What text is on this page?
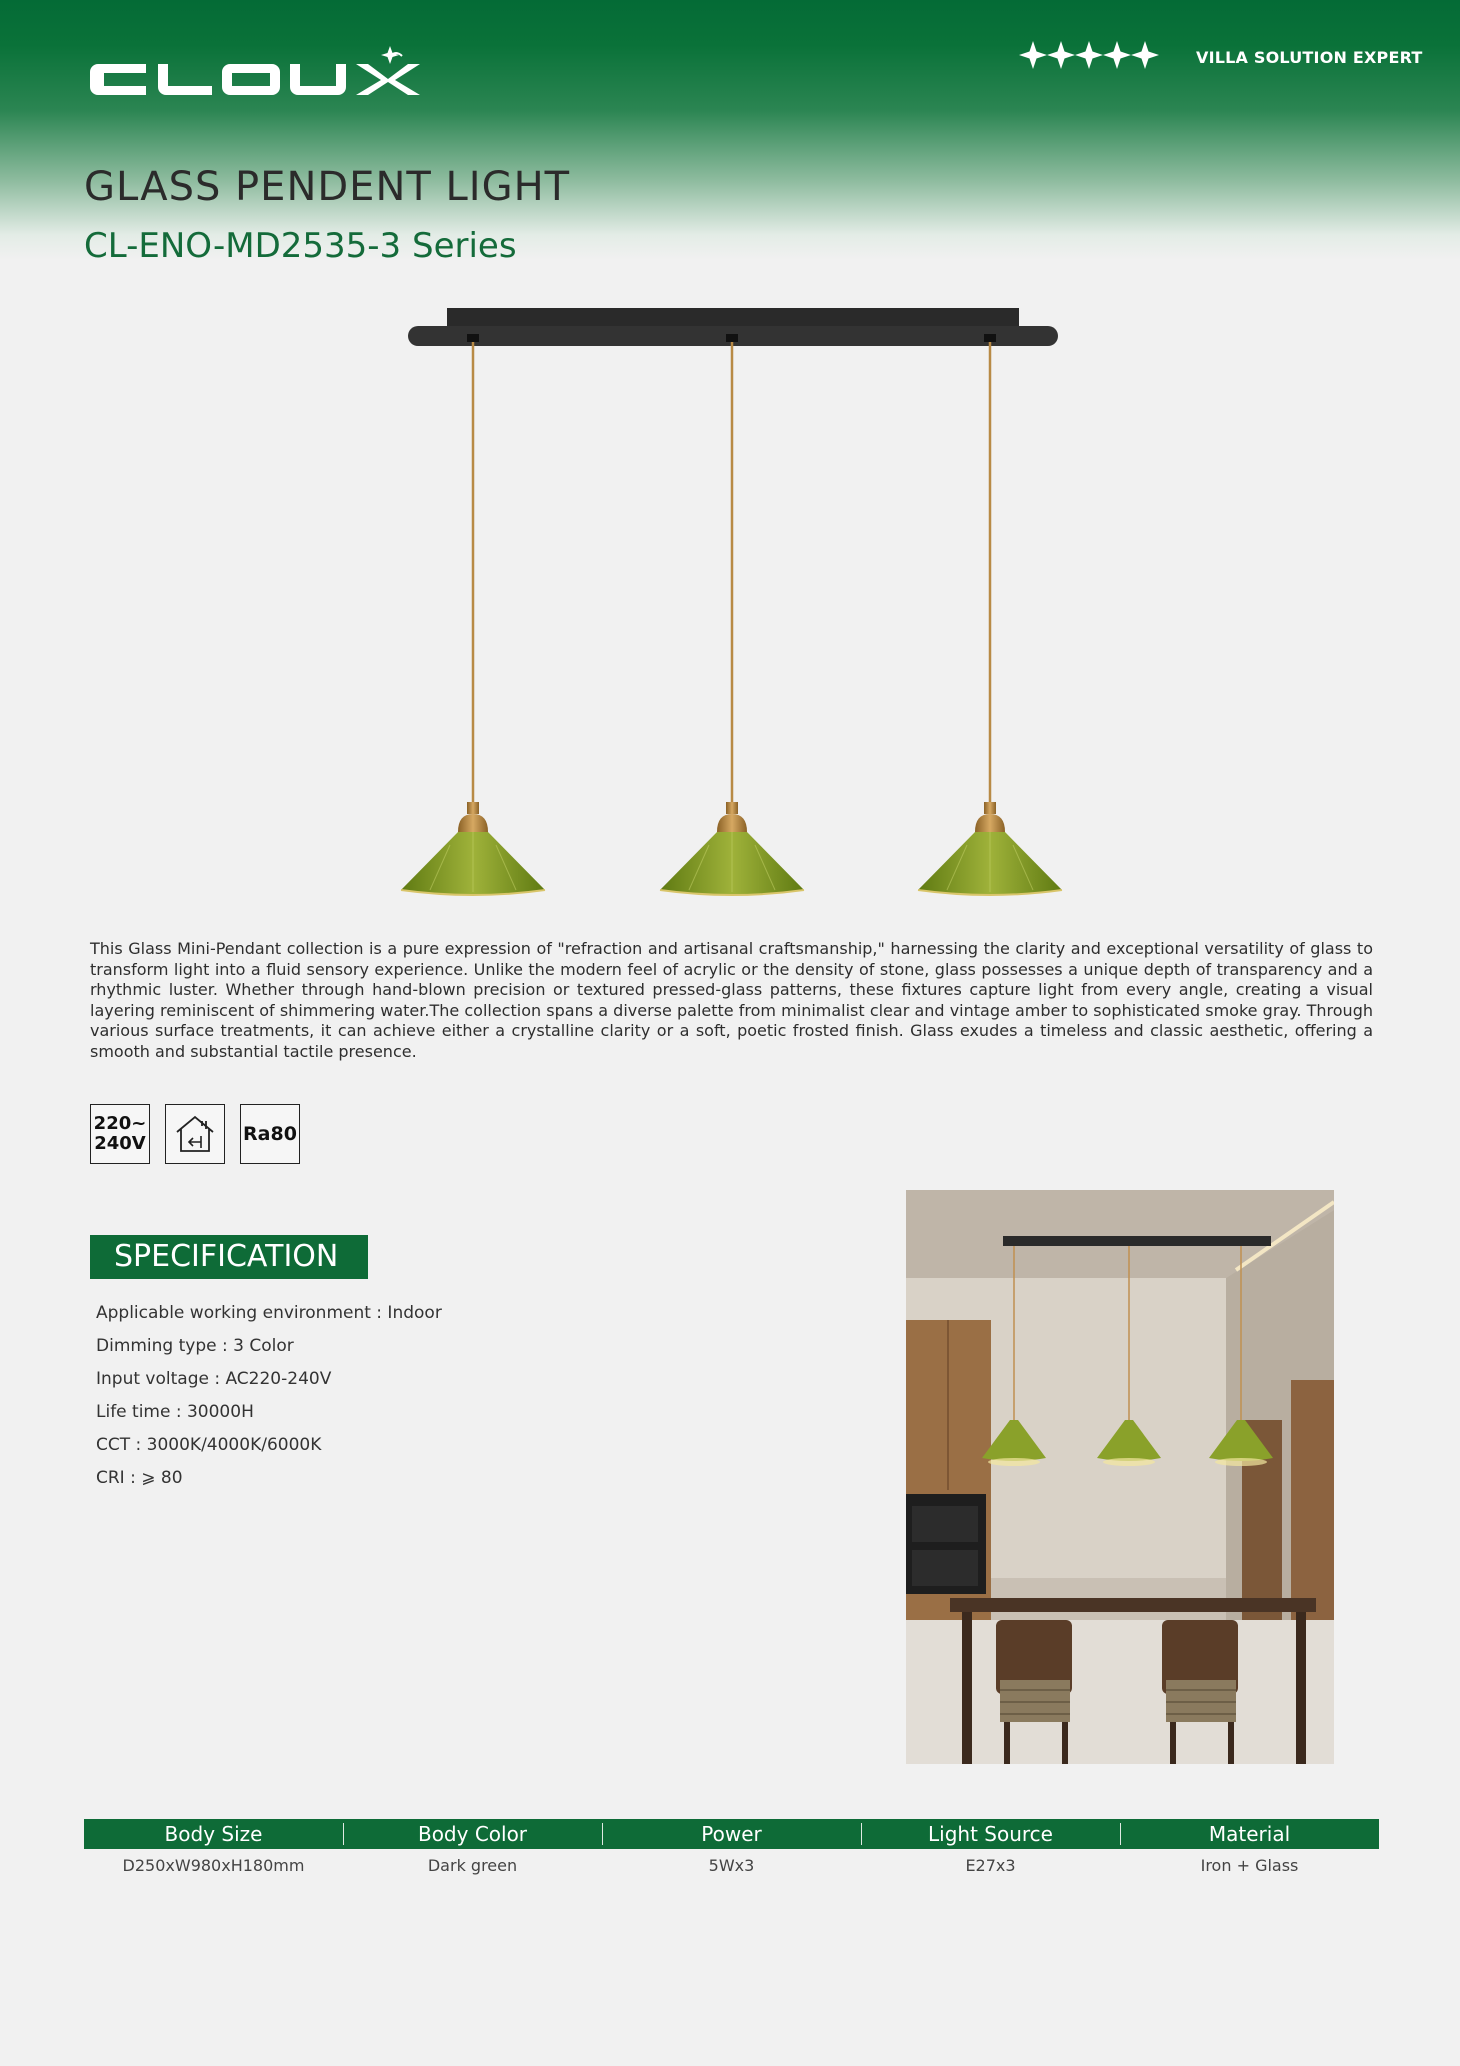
VILLA SOLUTION EXPERT
GLASS PENDENT LIGHT
CL-ENO-MD2535-3 Series

This Glass Mini-Pendant collection is a pure expression of "refraction and artisanal craftsmanship," harnessing the clarity and exceptional versatility of glass to transform light into a fluid sensory experience. Unlike the modern feel of acrylic or the density of stone, glass possesses a unique depth of transparency and a rhythmic luster. Whether through hand-blown precision or textured pressed-glass patterns, these fixtures capture light from every angle, creating a visual layering reminiscent of shimmering water.The collection spans a diverse palette from minimalist clear and vintage amber to sophisticated smoke gray. Through various surface treatments, it can achieve either a crystalline clarity or a soft, poetic frosted finish. Glass exudes a timeless and classic aesthetic, offering a smooth and substantial tactile presence.

220~
240V	Ra80
SPECIFICATION
Applicable working environment : Indoor
Dimming type : 3 Color
Input voltage : AC220-240V
Life time : 30000H
CCT : 3000K/4000K/6000K
CRI : ⩾ 80
Body Size	Body Color	Power	Light Source	Material
D250xW980xH180mm	Dark green	5Wx3	E27x3	Iron + Glass
